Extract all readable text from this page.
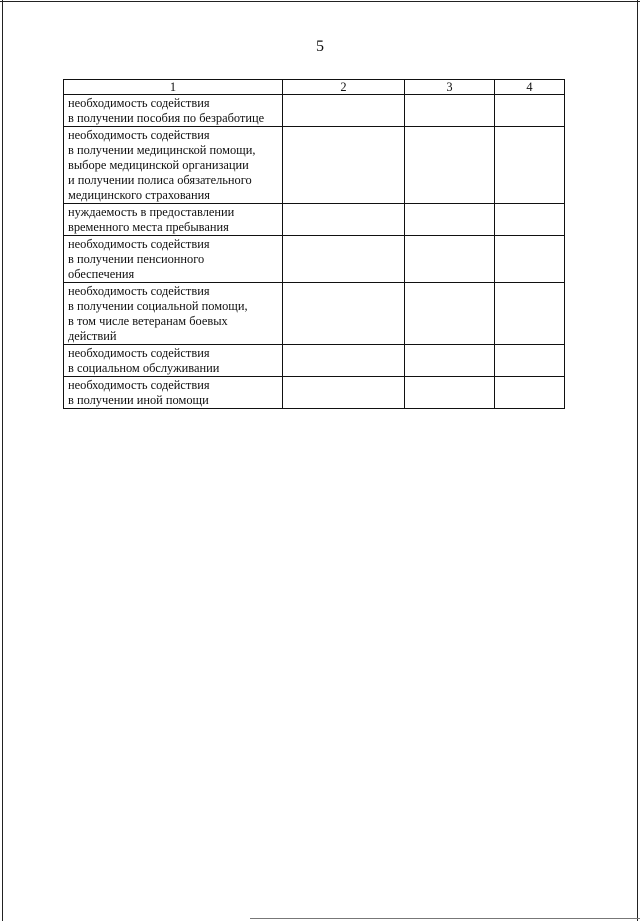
5
1	2	3	4

необходимость содействия
в получении пособия по безработице			

необходимость содействия
в получении медицинской помощи,
выборе медицинской организации
и получении полиса обязательного
медицинского страхования			

нуждаемость в предоставлении
временного места пребывания			

необходимость содействия
в получении пенсионного
обеспечения			

необходимость содействия
в получении социальной помощи,
в том числе ветеранам боевых
действий			

необходимость содействия
в социальном обслуживании			

необходимость содействия
в получении иной помощи			
